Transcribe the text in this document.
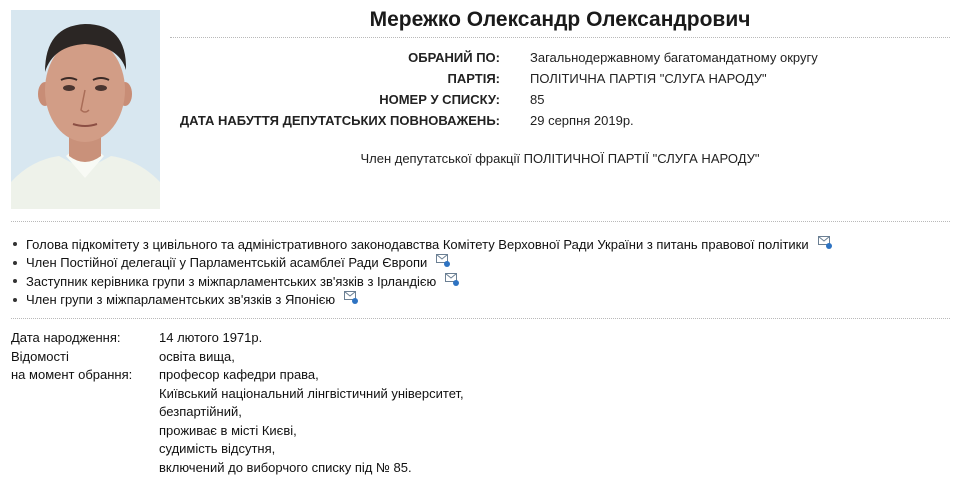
Мережко Олександр Олександрович
ОБРАНИЙ ПО: Загальнодержавному багатомандатному округу
ПАРТІЯ: ПОЛІТИЧНА ПАРТІЯ "СЛУГА НАРОДУ"
НОМЕР У СПИСКУ: 85
ДАТА НАБУТТЯ ДЕПУТАТСЬКИХ ПОВНОВАЖЕНЬ: 29 серпня 2019р.
Член депутатської фракції ПОЛІТИЧНОЇ ПАРТІЇ "СЛУГА НАРОДУ"
Голова підкомітету з цивільного та адміністративного законодавства Комітету Верховної Ради України з питань правової політики
Член Постійної делегації у Парламентській асамблеї Ради Європи
Заступник керівника групи з міжпарламентських зв'язків з Ірландією
Член групи з міжпарламентських зв'язків з Японією
Дата народження:	14 лютого 1971р.
Відомості
на момент обрання:
освіта вища,
професор кафедри права,
Київський національний лінгвістичний університет,
безпартійний,
проживає в місті Києві,
судимість відсутня,
включений до виборчого списку під № 85.
